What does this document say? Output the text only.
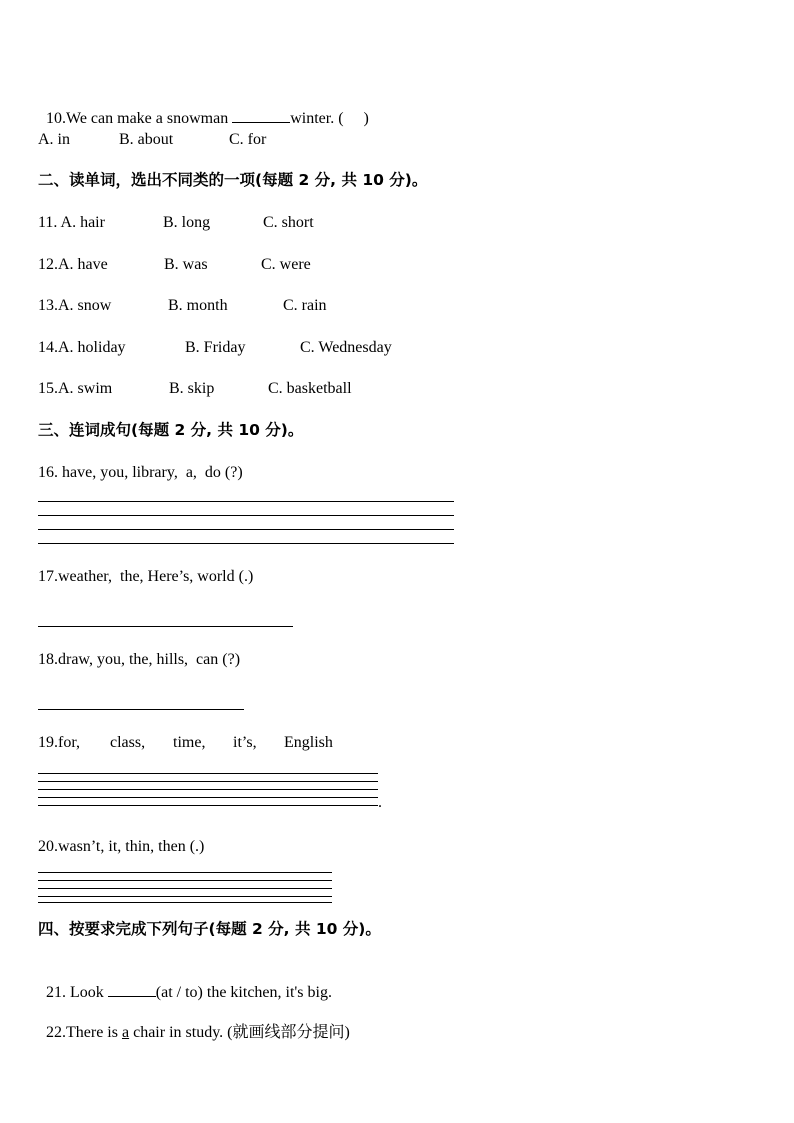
10.We can make a snowman	winter. (     )

A. in	B. about	C. for
二、读单词，选出不同类的一项(每题 2 分, 共 10 分)。
11. A. hair	B. long	C. short
12.A. have	B. was	C. were
13.A. snow	B. month	C. rain
14.A. holiday	B. Friday	C. Wednesday
15.A. swim	B. skip	C. basketball
三、连词成句(每题 2 分, 共 10 分)。
16. have, you, library,  a,  do (?)
17.weather,  the, Here’s, world (.)
18.draw, you, the, hills,  can (?)
19.for, class, time, it’s, English
.
20.wasn’t, it, thin, then (.)
四、按要求完成下列句子(每题 2 分, 共 10 分)。

21. Look	(at / to) the kitchen, it's big.

22.There is a chair in study. (就画线部分提问)
